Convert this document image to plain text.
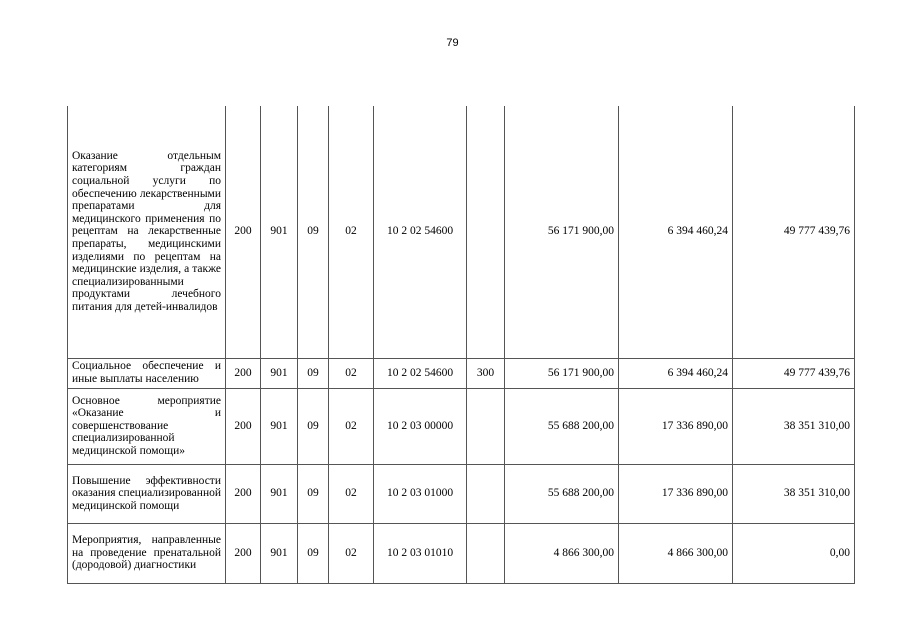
79
Оказание отдельным категориям граждан социальной услуги по обеспечению лекарственными препаратами для медицинского применения по рецептам на лекарственные препараты, медицинскими изделиями по рецептам на медицинские изделия, а также специализированными продуктами лечебного питания для детей-инвалидов	200	901	09	02	10 2 02 54600		56 171 900,00	6 394 460,24	49 777 439,76
Социальное обеспечение и иные выплаты населению	200	901	09	02	10 2 02 54600	300	56 171 900,00	6 394 460,24	49 777 439,76
Основное мероприятие «Оказание и совершенствование специализированной медицинской помощи»	200	901	09	02	10 2 03 00000		55 688 200,00	17 336 890,00	38 351 310,00
Повышение эффективности оказания специализированной медицинской помощи	200	901	09	02	10 2 03 01000		55 688 200,00	17 336 890,00	38 351 310,00
Мероприятия, направленные на проведение пренатальной (дородовой) диагностики	200	901	09	02	10 2 03 01010		4 866 300,00	4 866 300,00	0,00
